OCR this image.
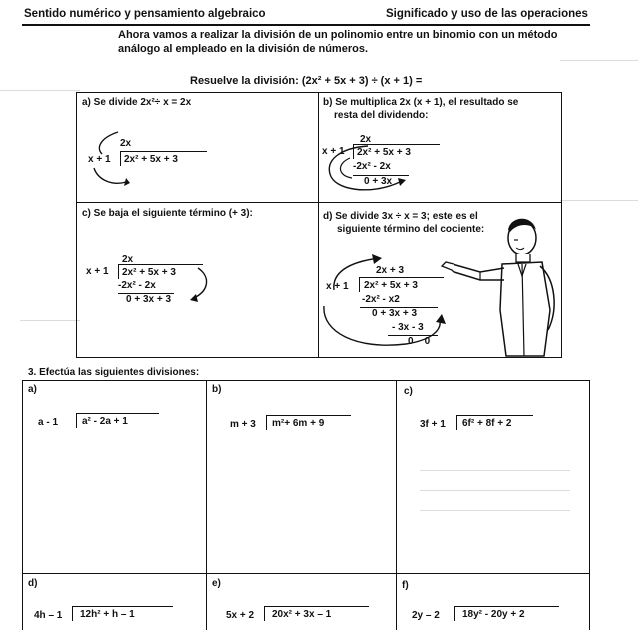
Sentido numérico y pensamiento algebraico	Significado y uso de las operaciones
Ahora vamos a realizar la división de un polinomio entre un binomio con un método
análogo al empleado en la división de números.
Resuelve la división: (2x² + 5x + 3) ÷ (x + 1) =
a) Se divide 2x²÷ x = 2x
2x
x + 1 2x² + 5x + 3
b) Se multiplica 2x (x + 1), el resultado se
resta del dividendo:
2x
x + 1 2x² + 5x + 3
-2x² - 2x
0 + 3x
c) Se baja el siguiente término (+ 3):
2x
x + 1 2x² + 5x + 3
-2x² - 2x
0 + 3x + 3
d) Se divide 3x ÷ x = 3; este es el
siguiente término del cociente:
2x + 3
x + 1 2x² + 5x + 3
-2x² - x2
0 + 3x + 3
- 3x - 3
0    0
3. Efectúa las siguientes divisiones:
a)
a - 1 a² - 2a + 1
b)
m + 3 m²+ 6m + 9
c)
3f + 1 6f² + 8f + 2
d)
4h – 1 12h² + h – 1
e)
5x + 2 20x² + 3x – 1
f)
2y – 2 18y² - 20y + 2
